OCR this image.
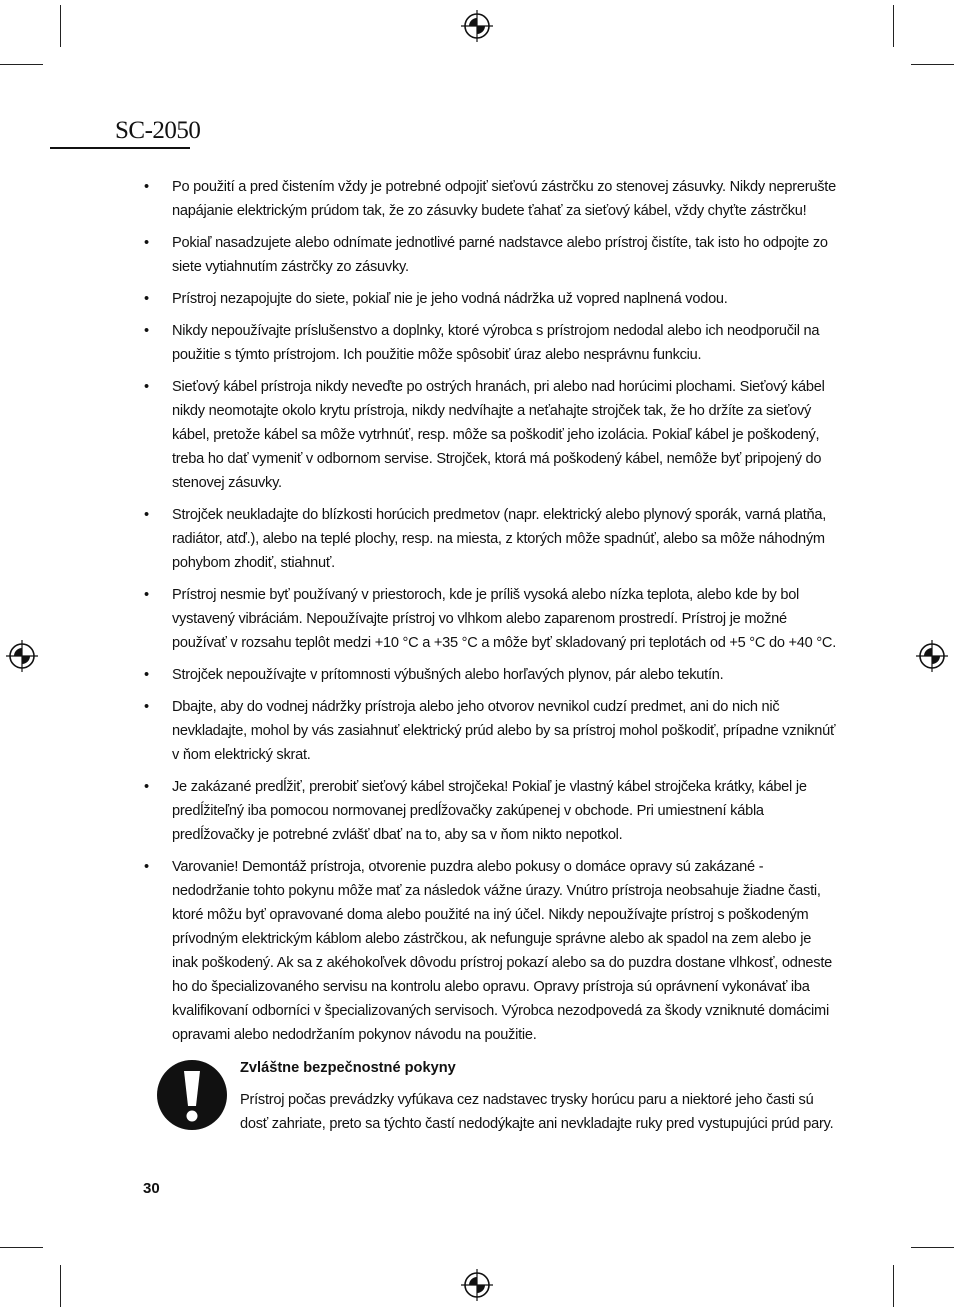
SC-2050
• Po použití a pred čistením vždy je potrebné odpojiť sieťovú zástrčku zo stenovej zásuvky. Nikdy neprerušte napájanie elektrickým prúdom tak, že zo zásuvky budete ťahať za sieťový kábel, vždy chyťte zástrčku!
• Pokiaľ nasadzujete alebo odnímate jednotlivé parné nadstavce alebo prístroj čistíte, tak isto ho odpojte zo siete vytiahnutím zástrčky zo zásuvky.
• Prístroj nezapojujte do siete, pokiaľ nie je jeho vodná nádržka už vopred naplnená vodou.
• Nikdy nepoužívajte príslušenstvo a doplnky, ktoré výrobca s prístrojom nedodal alebo ich neodporučil na použitie s týmto prístrojom. Ich použitie môže spôsobiť úraz alebo nesprávnu funkciu.
• Sieťový kábel prístroja nikdy neveďte po ostrých hranách, pri alebo nad horúcimi plochami. Sieťový kábel nikdy neomotajte okolo krytu prístroja, nikdy nedvíhajte a neťahajte strojček tak, že ho držíte za sieťový kábel, pretože kábel sa môže vytrhnúť, resp. môže sa poškodiť jeho izolácia. Pokiaľ kábel je poškodený, treba ho dať vymeniť v odbornom servise. Strojček, ktorá má poškodený kábel, nemôže byť pripojený do stenovej zásuvky.
• Strojček neukladajte do blízkosti horúcich predmetov (napr. elektrický alebo plynový sporák, varná platňa, radiátor, atď.), alebo na teplé plochy, resp. na miesta, z ktorých môže spadnúť, alebo sa môže náhodným pohybom zhodiť, stiahnuť.
• Prístroj nesmie byť používaný v priestoroch, kde je príliš vysoká alebo nízka teplota, alebo kde by bol vystavený vibráciám. Nepoužívajte prístroj vo vlhkom alebo zaparenom prostredí. Prístroj je možné používať v rozsahu teplôt medzi +10 °C a +35 °C a môže byť skladovaný pri teplotách od +5 °C do +40 °C.
• Strojček nepoužívajte v prítomnosti výbušných alebo horľavých plynov, pár alebo tekutín.
• Dbajte, aby do vodnej nádržky prístroja alebo jeho otvorov nevnikol cudzí predmet, ani do nich nič nevkladajte, mohol by vás zasiahnuť elektrický prúd alebo by sa prístroj mohol poškodiť, prípadne vzniknúť v ňom elektrický skrat.
• Je zakázané predĺžiť, prerobiť sieťový kábel strojčeka! Pokiaľ je vlastný kábel strojčeka krátky, kábel je predĺžiteľný iba pomocou normovanej predĺžovačky zakúpenej v obchode. Pri umiestnení kábla predĺžovačky je potrebné zvlášť dbať na to, aby sa v ňom nikto nepotkol.
• Varovanie! Demontáž prístroja, otvorenie puzdra alebo pokusy o domáce opravy sú zakázané - nedodržanie tohto pokynu môže mať za následok vážne úrazy. Vnútro prístroja neobsahuje žiadne časti, ktoré môžu byť opravované doma alebo použité na iný účel. Nikdy nepoužívajte prístroj s poškodeným prívodným elektrickým káblom alebo zástrčkou, ak nefunguje správne alebo ak spadol na zem alebo je inak poškodený. Ak sa z akéhokoľvek dôvodu prístroj pokazí alebo sa do puzdra dostane vlhkosť, odneste ho do špecializovaného servisu na kontrolu alebo opravu. Opravy prístroja sú oprávnení vykonávať iba kvalifikovaní odborníci v špecializovaných servisoch. Výrobca nezodpovedá za škody vzniknuté domácimi opravami alebo nedodržaním pokynov návodu na použitie.
Zvláštne bezpečnostné pokyny
Prístroj počas prevádzky vyfúkava cez nadstavec trysky horúcu paru a niektoré jeho časti sú dosť zahriate, preto sa týchto častí nedodýkajte ani nevkladajte ruky pred vystupujúci prúd pary.
30
